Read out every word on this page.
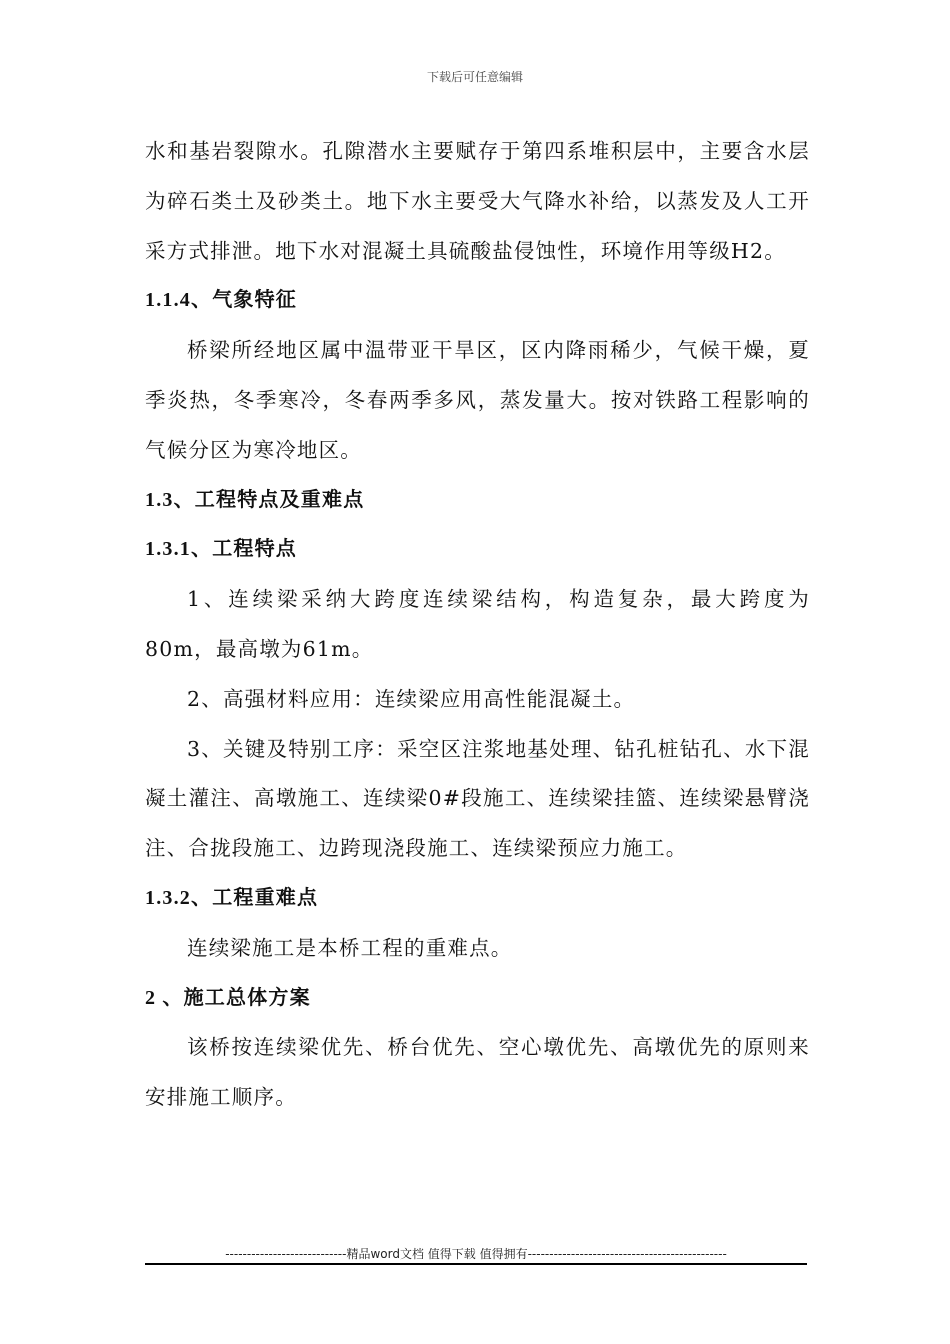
下载后可任意编辑

水和基岩裂隙水。孔隙潜水主要赋存于第四系堆积层中，主要含水层为碎石类土及砂类土。地下水主要受大气降水补给，以蒸发及人工开采方式排泄。地下水对混凝土具硫酸盐侵蚀性，环境作用等级H2。

1.1.4、气象特征

桥梁所经地区属中温带亚干旱区，区内降雨稀少，气候干燥，夏季炎热，冬季寒冷，冬春两季多风，蒸发量大。按对铁路工程影响的气候分区为寒冷地区。

1.3、工程特点及重难点

1.3.1、工程特点

1、连续梁采纳大跨度连续梁结构，构造复杂，最大跨度为80m，最高墩为61m。

2、高强材料应用：连续梁应用高性能混凝土。

3、关键及特别工序：采空区注浆地基处理、钻孔桩钻孔、水下混凝土灌注、高墩施工、连续梁0#段施工、连续梁挂篮、连续梁悬臂浇注、合拢段施工、边跨现浇段施工、连续梁预应力施工。

1.3.2、工程重难点

连续梁施工是本桥工程的重难点。

2 、施工总体方案

该桥按连续梁优先、桥台优先、空心墩优先、高墩优先的原则来安排施工顺序。

----------------------------精品word文档 值得下载 值得拥有----------------------------------------------
